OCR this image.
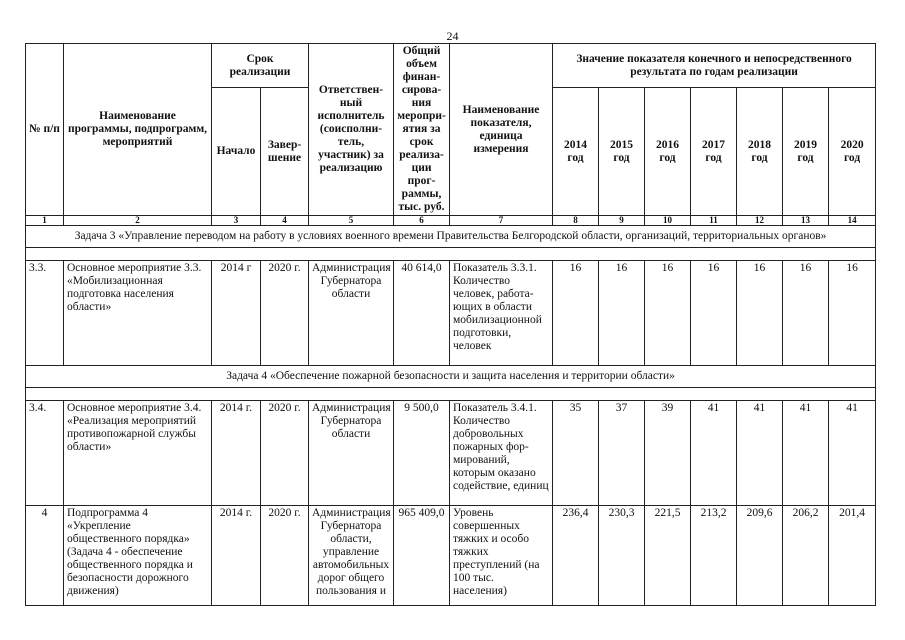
24
№ п/п	Наименование программы, подпрограмм, мероприятий	Срок реализации		Ответствен-ный исполнитель (соисполни-тель, участник) за реализацию	Общий объем финан-сирова-ния меропри-ятия за срок реализа-ции прог-раммы, тыс. руб.	Наименование показателя, единица измерения	Значение показателя конечного и непосредственного результата по годам реализации						
		Начало	Завер-шение				2014 год	2015 год	2016 год	2017 год	2018 год	2019 год	2020 год
1	2	3	4	5	6	7	8	9	10	11	12	13	14
Задача 3 «Управление переводом на работу в условиях военного времени Правительства Белгородской области, организаций, территориальных органов»													

3.3.	Основное мероприятие 3.3. «Мобилизационная подготовка населения области»	2014 г	2020 г.	Администрация Губернатора области	40 614,0	Показатель 3.3.1. Количество человек, работа-ющих в области мобилизационной подготовки, человек	16	16	16	16	16	16	16
Задача 4 «Обеспечение пожарной безопасности и защита населения и территории области»													

3.4.	Основное мероприятие 3.4. «Реализация мероприятий противопожарной службы области»	2014 г.	2020 г.	Администрация Губернатора области	9 500,0	Показатель 3.4.1. Количество добровольных пожарных фор-мирований, которым оказано содействие, единиц	35	37	39	41	41	41	41
4	Подпрограмма 4 «Укрепление общественного порядка» (Задача 4 - обеспечение общественного порядка и безопасности дорожного движения)	2014 г.	2020 г.	Администрация Губернатора области, управление автомобильных дорог общего пользования и	965 409,0	Уровень совершенных тяжких и особо тяжких преступлений (на 100 тыс. населения)	236,4	230,3	221,5	213,2	209,6	206,2	201,4
